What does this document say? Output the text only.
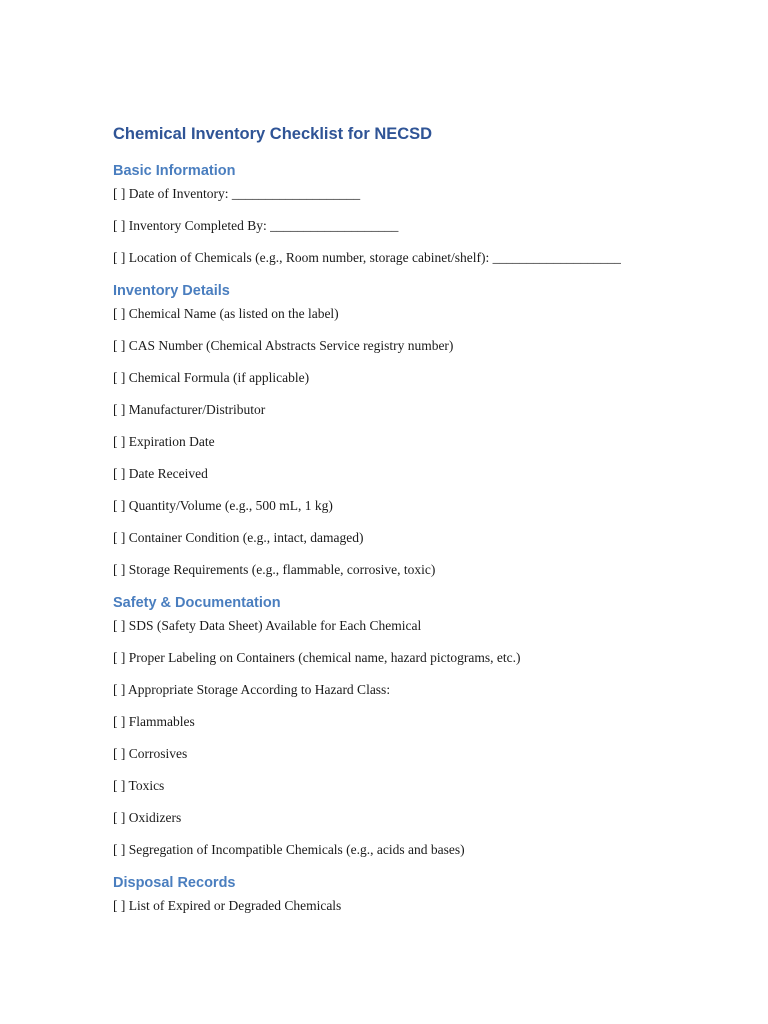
Chemical Inventory Checklist for NECSD
Basic Information

[ ] Date of Inventory: ___________________

[ ] Inventory Completed By: ___________________

[ ] Location of Chemicals (e.g., Room number, storage cabinet/shelf): ___________________

Inventory Details

[ ] Chemical Name (as listed on the label)

[ ] CAS Number (Chemical Abstracts Service registry number)

[ ] Chemical Formula (if applicable)

[ ] Manufacturer/Distributor

[ ] Expiration Date

[ ] Date Received

[ ] Quantity/Volume (e.g., 500 mL, 1 kg)

[ ] Container Condition (e.g., intact, damaged)

[ ] Storage Requirements (e.g., flammable, corrosive, toxic)

Safety & Documentation

[ ] SDS (Safety Data Sheet) Available for Each Chemical

[ ] Proper Labeling on Containers (chemical name, hazard pictograms, etc.)

[ ] Appropriate Storage According to Hazard Class:

[ ] Flammables

[ ] Corrosives

[ ] Toxics

[ ] Oxidizers

[ ] Segregation of Incompatible Chemicals (e.g., acids and bases)

Disposal Records

[ ] List of Expired or Degraded Chemicals
